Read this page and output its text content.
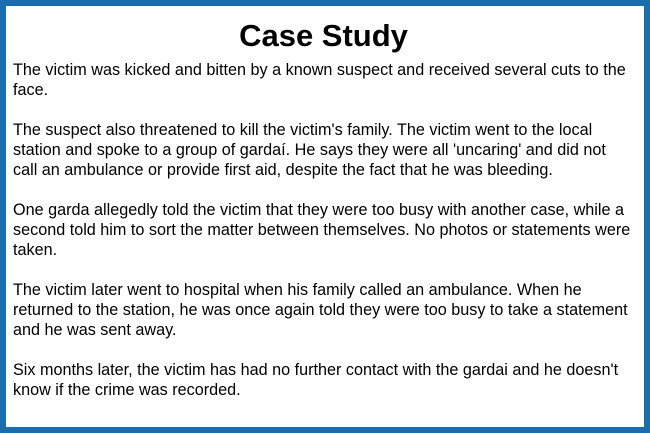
Case Study

The victim was kicked and bitten by a known suspect and received several cuts to the face.

The suspect also threatened to kill the victim's family. The victim went to the local station and spoke to a group of gardaí. He says they were all 'uncaring' and did not call an ambulance or provide first aid, despite the fact that he was bleeding.

One garda allegedly told the victim that they were too busy with another case, while a second told him to sort the matter between themselves. No photos or statements were taken.

The victim later went to hospital when his family called an ambulance. When he returned to the station, he was once again told they were too busy to take a statement and he was sent away.

Six months later, the victim has had no further contact with the gardai and he doesn't know if the crime was recorded.
